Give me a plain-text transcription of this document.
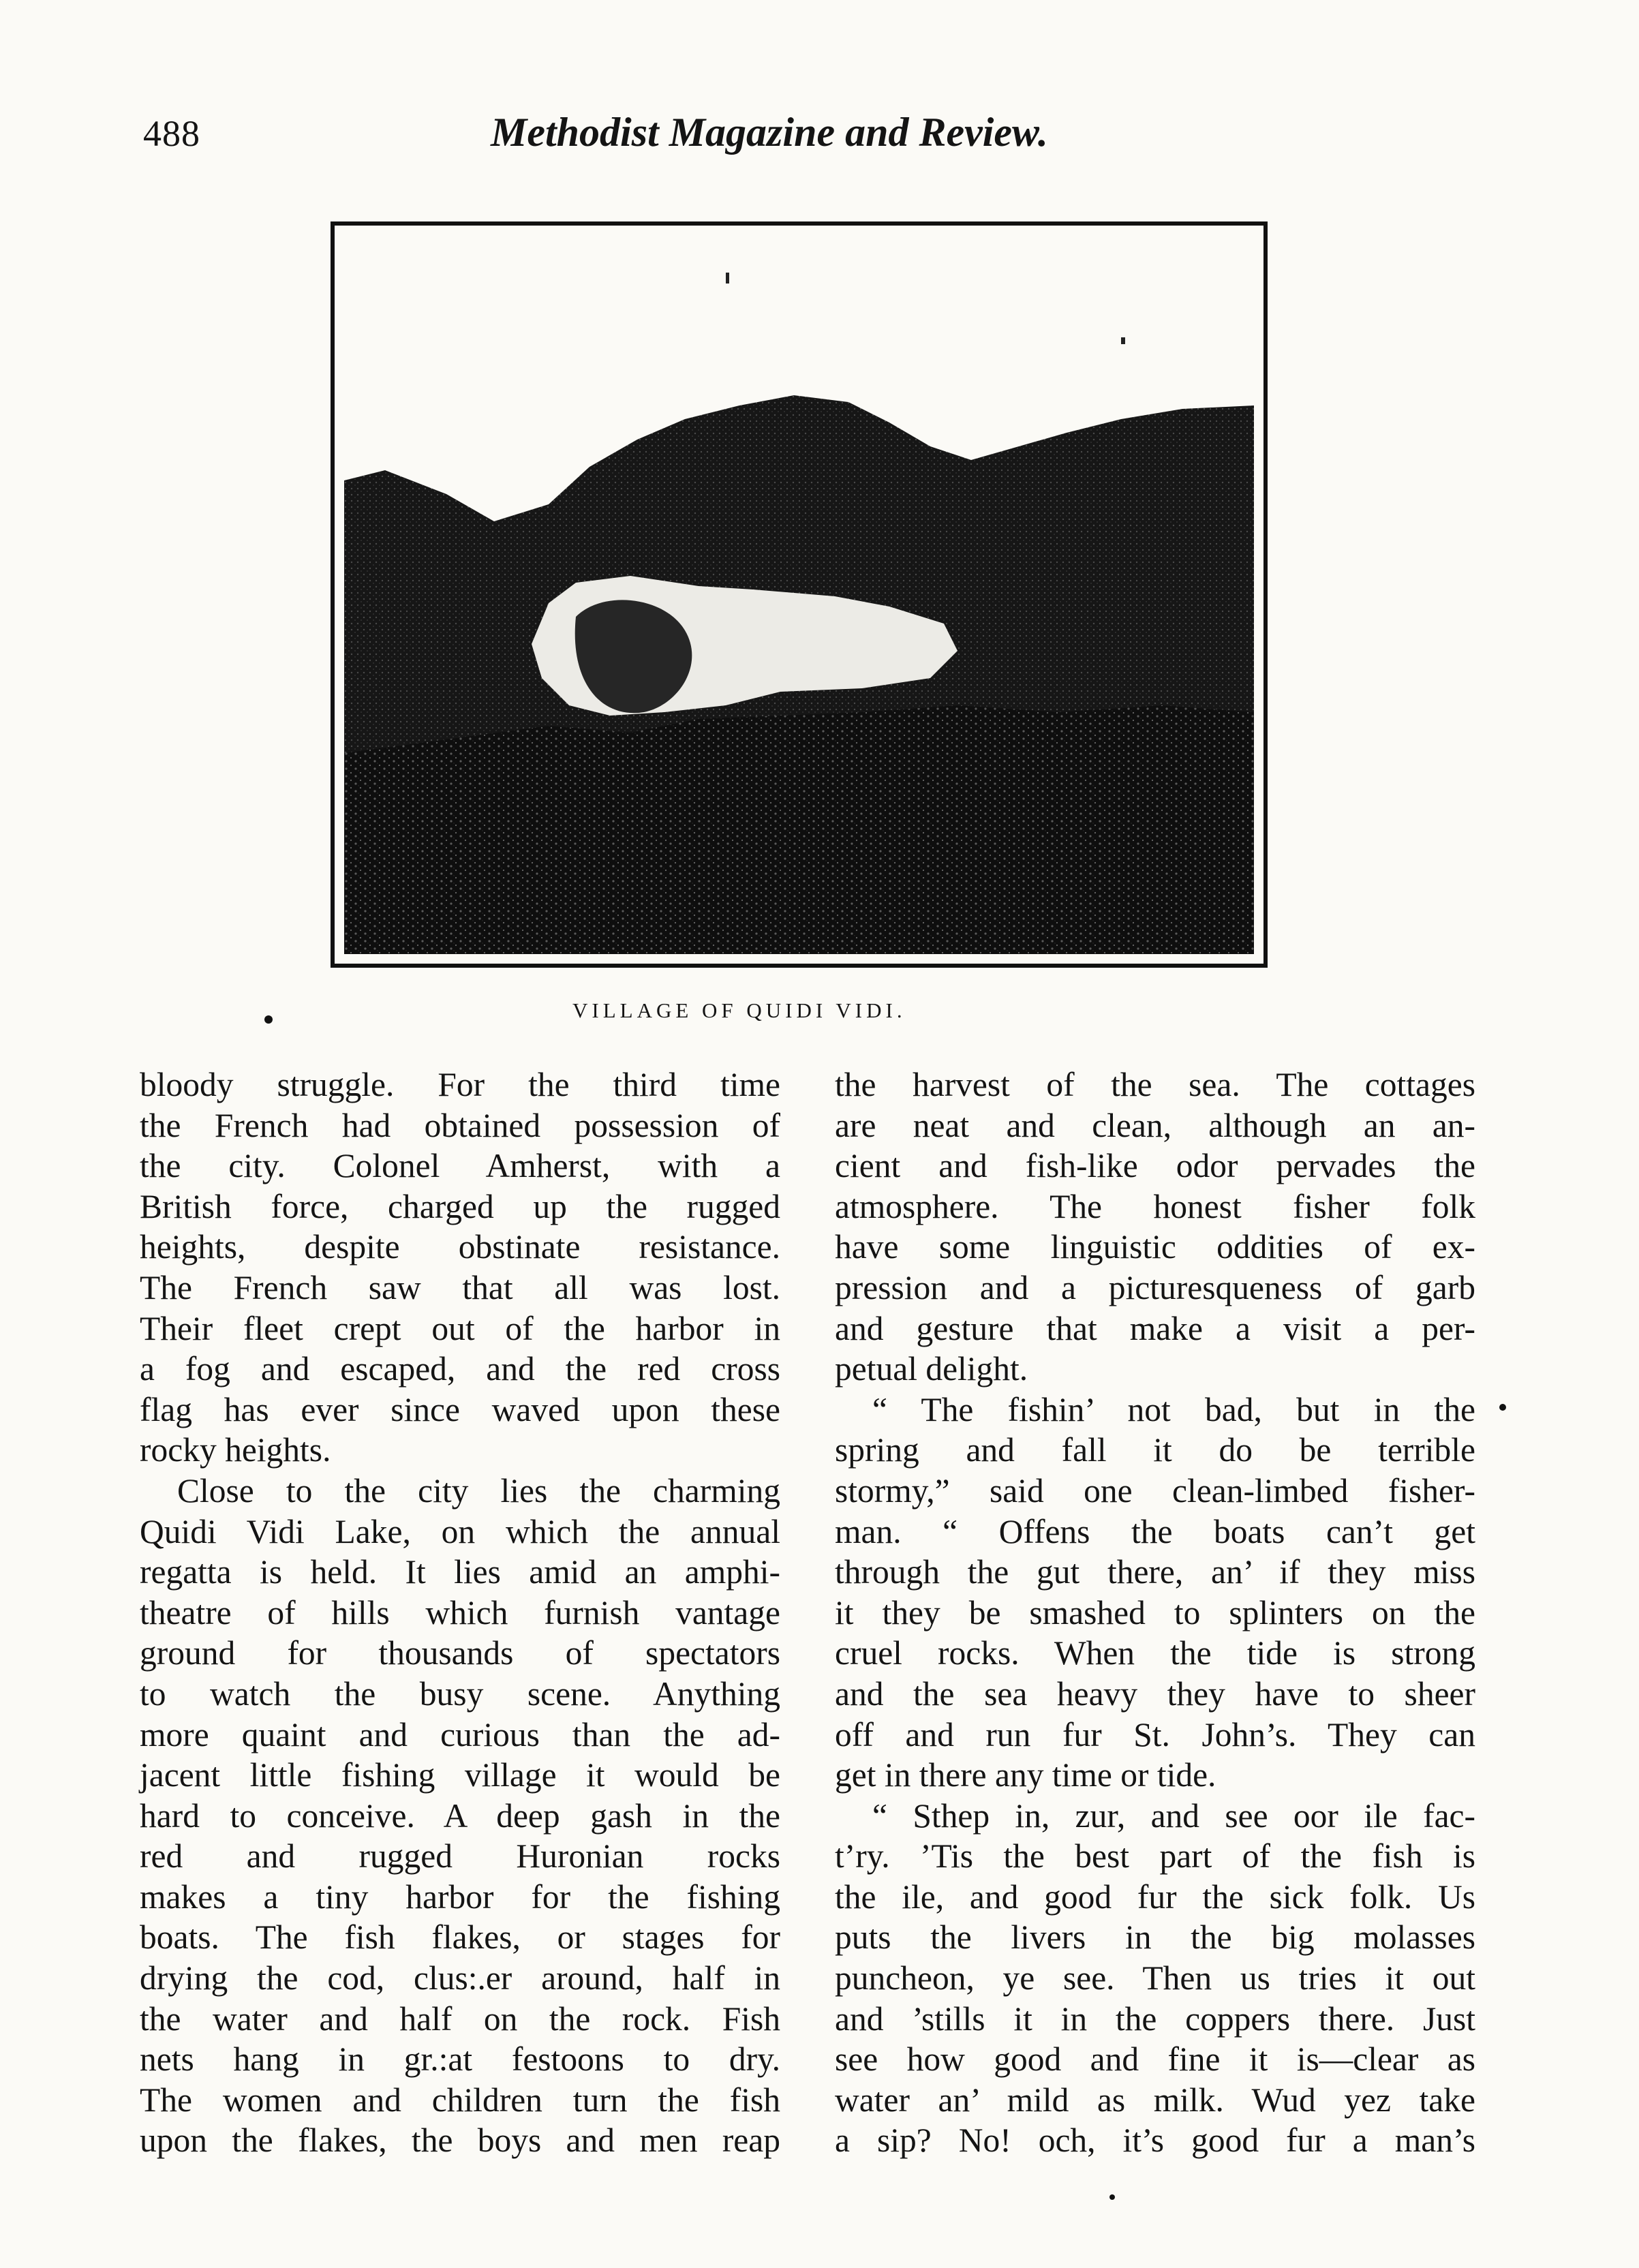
488	Methodist Magazine and Review.
VILLAGE OF QUIDI VIDI.
bloody struggle. For the third time
the French had obtained possession of
the city. Colonel Amherst, with a
British force, charged up the rugged
heights, despite obstinate resistance.
The French saw that all was lost.
Their fleet crept out of the harbor in
a fog and escaped, and the red cross
flag has ever since waved upon these
rocky heights.
Close to the city lies the charming
Quidi Vidi Lake, on which the annual
regatta is held. It lies amid an amphi-
theatre of hills which furnish vantage
ground for thousands of spectators
to watch the busy scene. Anything
more quaint and curious than the ad-
jacent little fishing village it would be
hard to conceive. A deep gash in the
red and rugged Huronian rocks
makes a tiny harbor for the fishing
boats. The fish flakes, or stages for
drying the cod, clus:.er around, half in
the water and half on the rock. Fish
nets hang in gr.:at festoons to dry.
The women and children turn the fish
upon the flakes, the boys and men reap
the harvest of the sea. The cottages
are neat and clean, although an an-
cient and fish-like odor pervades the
atmosphere. The honest fisher folk
have some linguistic oddities of ex-
pression and a picturesqueness of garb
and gesture that make a visit a per-
petual delight.
“ The fishin’ not bad, but in the
spring and fall it do be terrible
stormy,” said one clean-limbed fisher-
man. “ Offens the boats can’t get
through the gut there, an’ if they miss
it they be smashed to splinters on the
cruel rocks. When the tide is strong
and the sea heavy they have to sheer
off and run fur St. John’s. They can
get in there any time or tide.
“ Sthep in, zur, and see oor ile fac-
t’ry. ’Tis the best part of the fish is
the ile, and good fur the sick folk. Us
puts the livers in the big molasses
puncheon, ye see. Then us tries it out
and ’stills it in the coppers there. Just
see how good and fine it is—clear as
water an’ mild as milk. Wud yez take
a sip? No! och, it’s good fur a man’s
